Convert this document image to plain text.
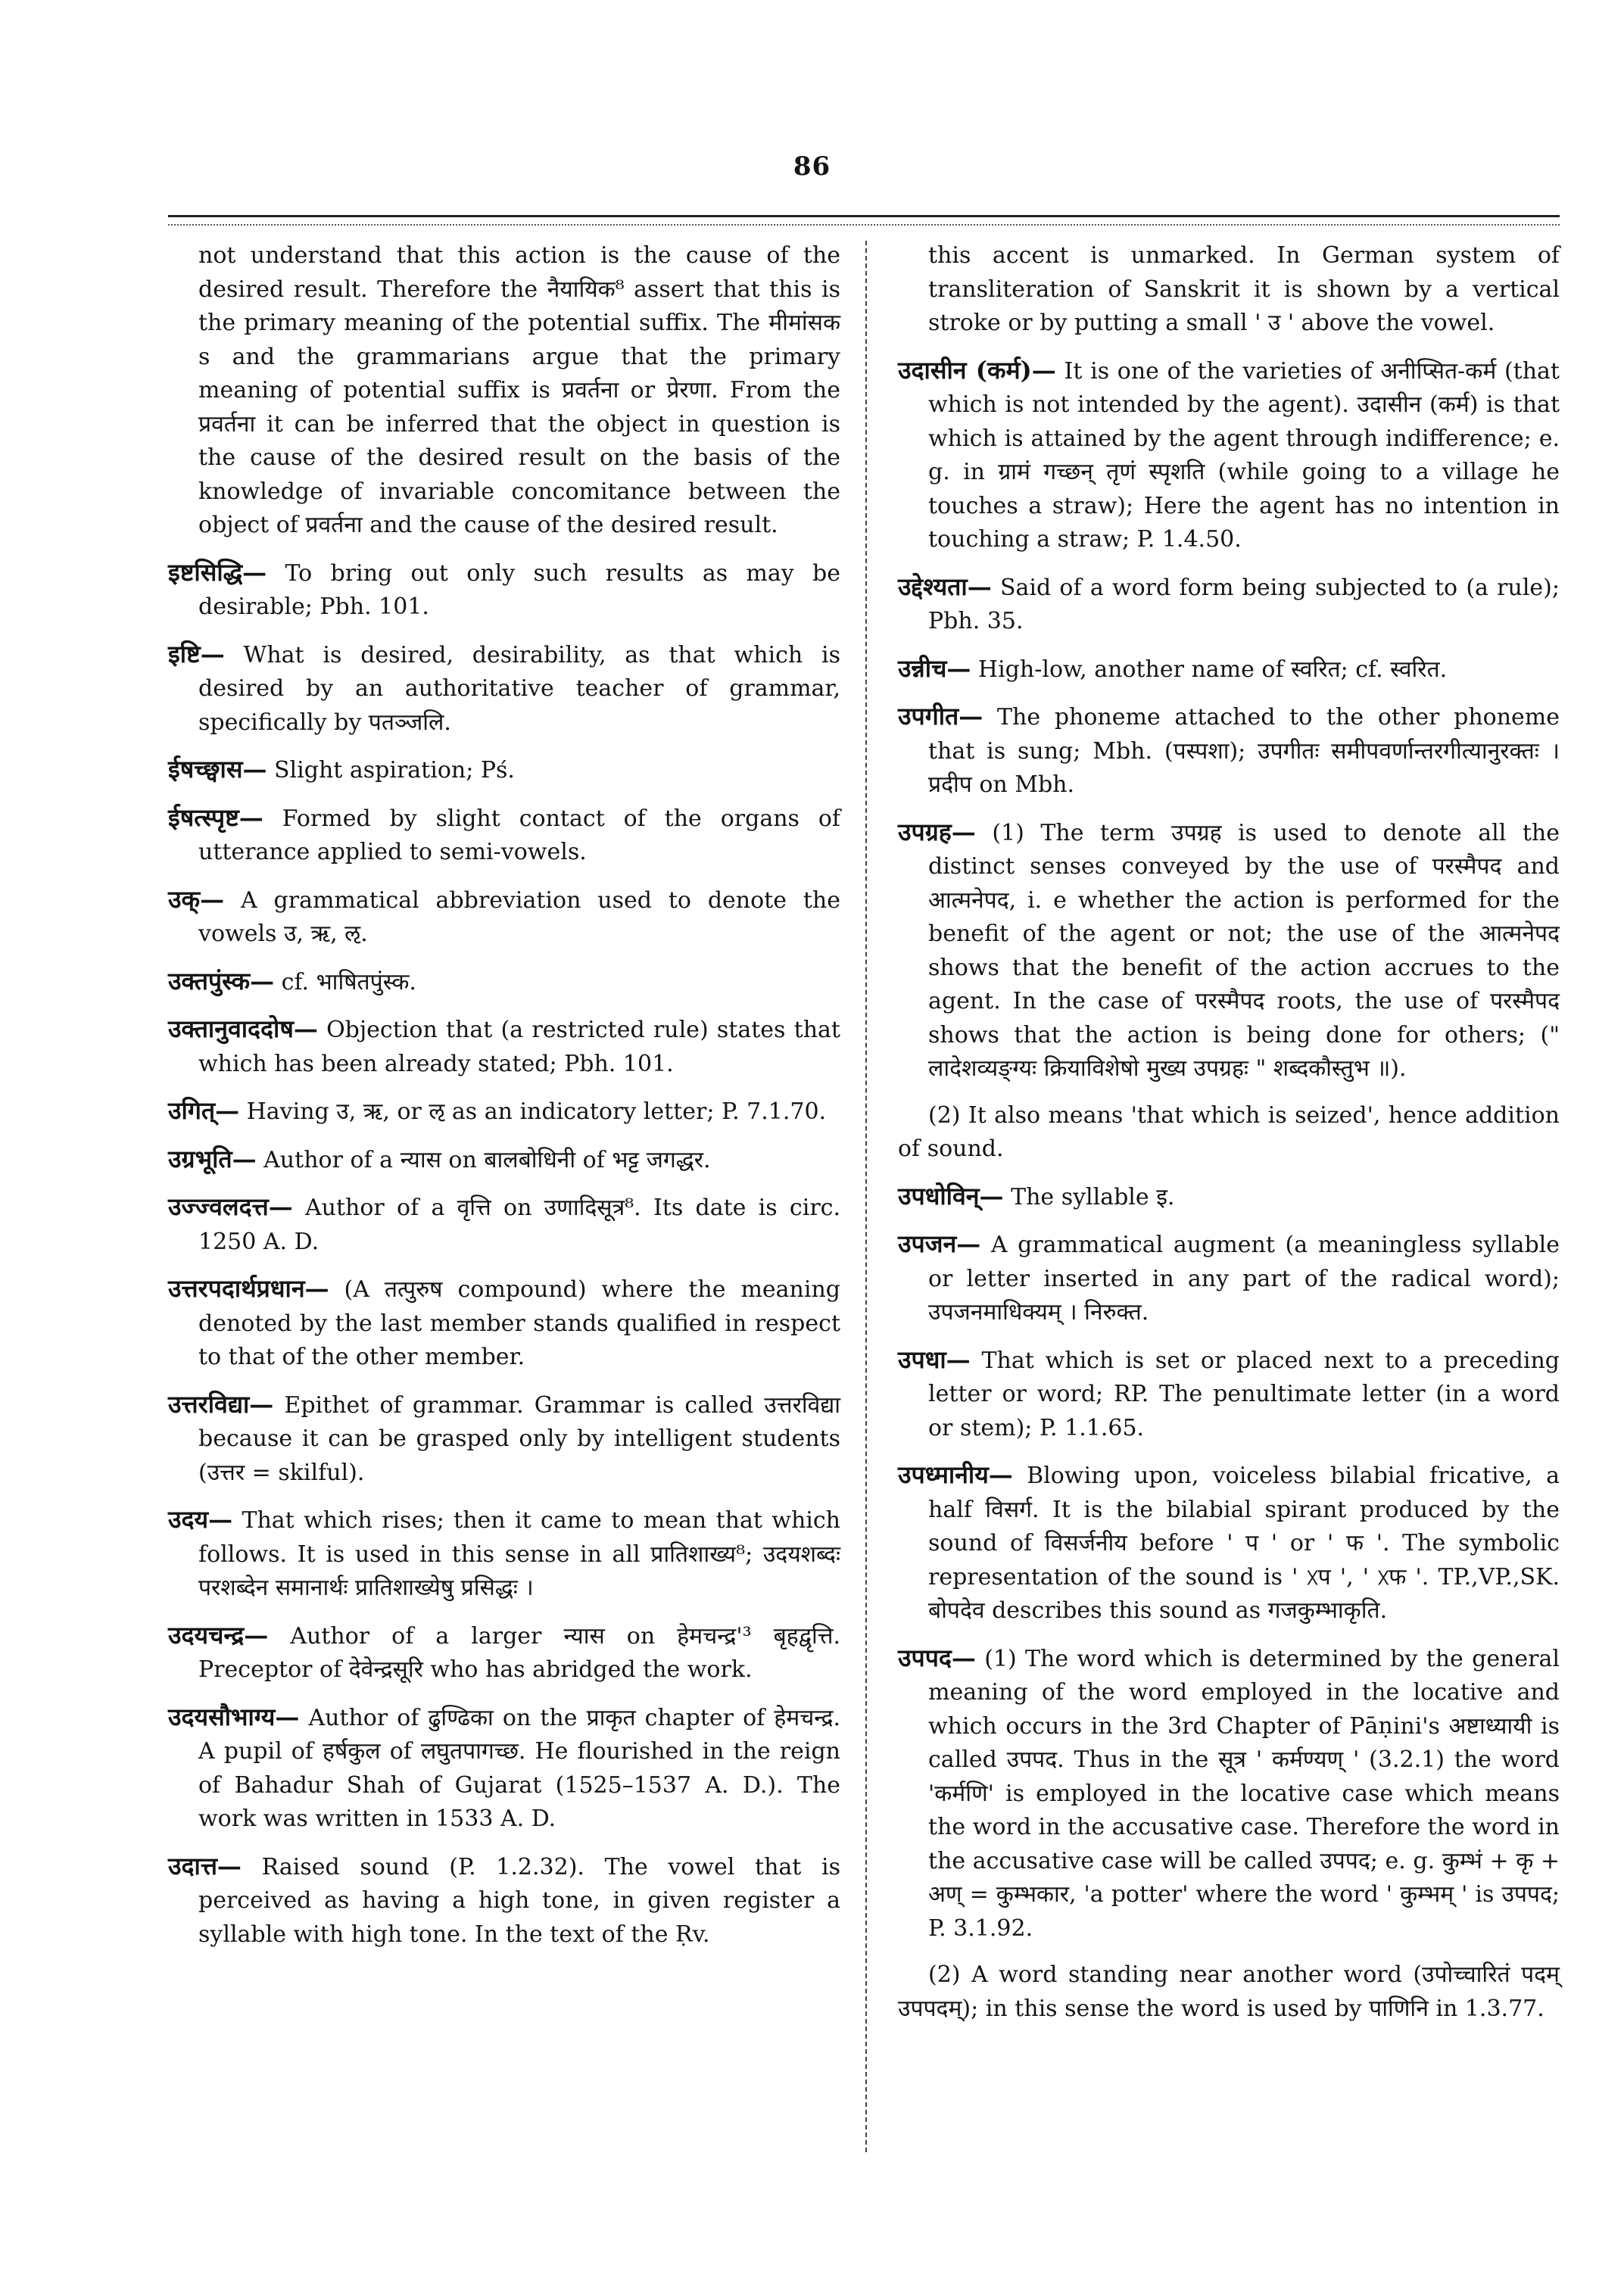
86

not understand that this action is the cause of the desired result. Therefore the नैयायिक⁸ assert that this is the primary meaning of the potential suffix. The मीमांसक s and the grammarians argue that the primary meaning of potential suffix is प्रवर्तना or प्रेरणा. From the प्रवर्तना it can be inferred that the object in question is the cause of the desired result on the basis of the knowledge of invariable concomitance between the object of प्रवर्तना and the cause of the desired result.

इष्टसिद्धि— To bring out only such results as may be desirable; Pbh. 101.

इष्टि— What is desired, desirability, as that which is desired by an authoritative teacher of grammar, specifically by पतञ्जलि.

ईषच्छ्वास— Slight aspiration; Pś.

ईषत्स्पृष्ट— Formed by slight contact of the organs of utterance applied to semi-vowels.

उक्— A grammatical abbreviation used to denote the vowels उ, ऋ, ऌ.

उक्तपुंस्क— cf. भाषितपुंस्क.

उक्तानुवाददोष— Objection that (a restricted rule) states that which has been already stated; Pbh. 101.

उगित्— Having उ, ऋ, or ऌ as an indicatory letter; P. 7.1.70.

उग्रभूति— Author of a न्यास on बालबोधिनी of भट्ट जगद्धर.

उज्ज्वलदत्त— Author of a वृत्ति on उणादिसूत्र⁸. Its date is circ. 1250 A. D.

उत्तरपदार्थप्रधान— (A तत्पुरुष compound) where the meaning denoted by the last member stands qualified in respect to that of the other member.

उत्तरविद्या— Epithet of grammar. Grammar is called उत्तरविद्या because it can be grasped only by intelligent students (उत्तर = skilful).

उदय— That which rises; then it came to mean that which follows. It is used in this sense in all प्रातिशाख्य⁸; उदयशब्दः परशब्देन समानार्थः प्रातिशाख्येषु प्रसिद्धः ।

उदयचन्द्र— Author of a larger न्यास on हेमचन्द्र'³ बृहद्वृत्ति. Preceptor of देवेन्द्रसूरि who has abridged the work.

उदयसौभाग्य— Author of ढुण्ढिका on the प्राकृत chapter of हेमचन्द्र. A pupil of हर्षकुल of लघुतपागच्छ. He flourished in the reign of Bahadur Shah of Gujarat (1525–1537 A. D.). The work was written in 1533 A. D.

उदात्त— Raised sound (P. 1.2.32). The vowel that is perceived as having a high tone, in given register a syllable with high tone. In the text of the Ṛv.

this accent is unmarked. In German system of transliteration of Sanskrit it is shown by a vertical stroke or by putting a small ' उ ' above the vowel.

उदासीन (कर्म)— It is one of the varieties of अनीप्सित-कर्म (that which is not intended by the agent). उदासीन (कर्म) is that which is attained by the agent through indifference; e. g. in ग्रामं गच्छन् तृणं स्पृशति (while going to a village he touches a straw); Here the agent has no intention in touching a straw; P. 1.4.50.

उद्देश्यता— Said of a word form being subjected to (a rule); Pbh. 35.

उन्नीच— High-low, another name of स्वरित; cf. स्वरित.

उपगीत— The phoneme attached to the other phoneme that is sung; Mbh. (पस्पशा); उपगीतः समीपवर्णान्तरगीत्यानुरक्तः । प्रदीप on Mbh.

उपग्रह— (1) The term उपग्रह is used to denote all the distinct senses conveyed by the use of परस्मैपद and आत्मनेपद, i. e whether the action is performed for the benefit of the agent or not; the use of the आत्मनेपद shows that the benefit of the action accrues to the agent. In the case of परस्मैपद roots, the use of परस्मैपद shows that the action is being done for others; (" लादेशव्यङ्ग्यः क्रियाविशेषो मुख्य उपग्रहः " शब्दकौस्तुभ ॥).

(2) It also means 'that which is seized', hence addition of sound.

उपधोविन्— The syllable इ.

उपजन— A grammatical augment (a meaningless syllable or letter inserted in any part of the radical word); उपजनमाधिक्यम् । निरुक्त.

उपधा— That which is set or placed next to a preceding letter or word; RP. The penultimate letter (in a word or stem); P. 1.1.65.

उपध्मानीय— Blowing upon, voiceless bilabial fricative, a half विसर्ग. It is the bilabial spirant produced by the sound of विसर्जनीय before ' प ' or ' फ '. The symbolic representation of the sound is ' ᳵप ', ' ᳵफ '. TP.,VP.,SK. बोपदेव describes this sound as गजकुम्भाकृति.

उपपद— (1) The word which is determined by the general meaning of the word employed in the locative and which occurs in the 3rd Chapter of Pāṇini's अष्टाध्यायी is called उपपद. Thus in the सूत्र ' कर्मण्यण् ' (3.2.1) the word 'कर्मणि' is employed in the locative case which means the word in the accusative case. Therefore the word in the accusative case will be called उपपद; e. g. कुम्भं + कृ + अण् = कुम्भकार, 'a potter' where the word ' कुम्भम् ' is उपपद; P. 3.1.92.

(2) A word standing near another word (उपोच्चारितं पदम् उपपदम्); in this sense the word is used by पाणिनि in 1.3.77.
